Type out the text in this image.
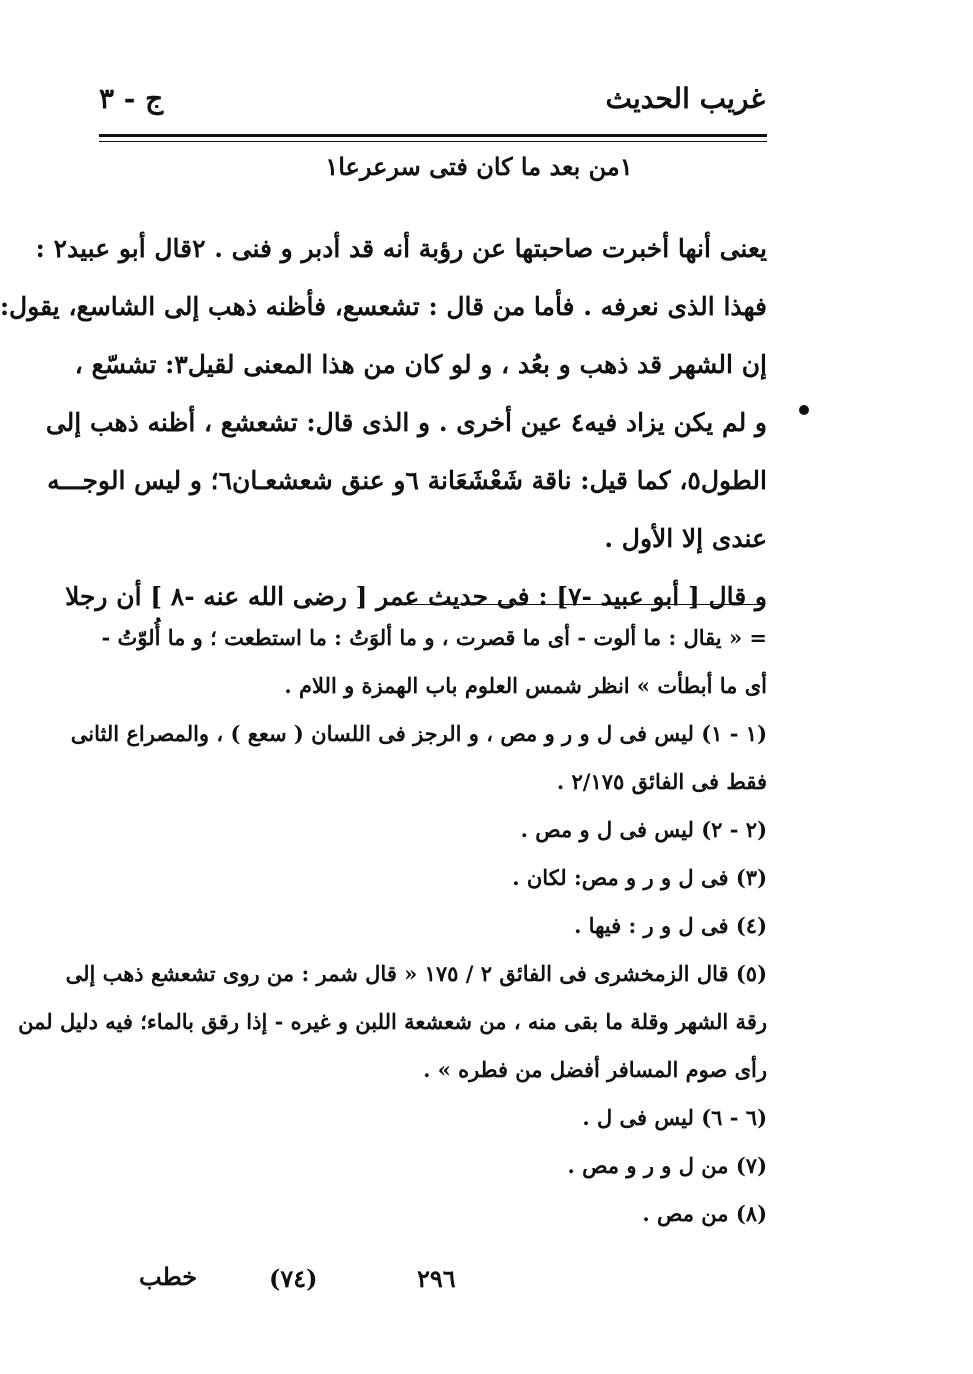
غريب الحديث
ج - ٣
١من بعد ما كان فتى سرعرعا١
يعنى أنها أخبرت صاحبتها عن رؤبة أنه قد أدبر و فنى . ٢قال أبو عبيد٢ :
فهذا الذى نعرفه . فأما من قال : تشعسع، فأظنه ذهب إلى الشاسع، يقول:
إن الشهر قد ذهب و بعُد ، و لو كان من هذا المعنى لقيل٣: تشسّع ،
و لم يكن يزاد فيه٤ عين أخرى . و الذى قال: تشعشع ، أظنه ذهب إلى
الطول٥، كما قيل: ناقة شَعْشَعَانة ٦و عنق شعشعـان٦؛ و ليس الوجـــه
عندى إلا الأول .
و قال [ أبو عبيد -٧] : فى حديث عمر [ رضى الله عنه -٨ ] أن رجلا
= « يقال : ما ألوت - أى ما قصرت ، و ما ألوَتُ : ما استطعت ؛ و ما أُلوّتُ -
أى ما أبطأت » انظر شمس العلوم باب الهمزة و اللام .
(١ - ١) ليس فى ل و ر و مص ، و الرجز فى اللسان ( سعع ) ، والمصراع الثانى
فقط فى الفائق ٢/١٧٥ .
(٢ - ٢) ليس فى ل و مص .
(٣) فى ل و ر و مص: لكان .
(٤) فى ل و ر : فيها .
(٥) قال الزمخشرى فى الفائق ٢ / ١٧٥ « قال شمر : من روى تشعشع ذهب إلى
رقة الشهر وقلة ما بقى منه ، من شعشعة اللبن و غيره - إذا رقق بالماء؛ فيه دليل لمن
رأى صوم المسافر أفضل من فطره » .
(٦ - ٦) ليس فى ل .
(٧) من ل و ر و مص .
(٨) من مص .
خطب	(٧٤)	٢٩٦
